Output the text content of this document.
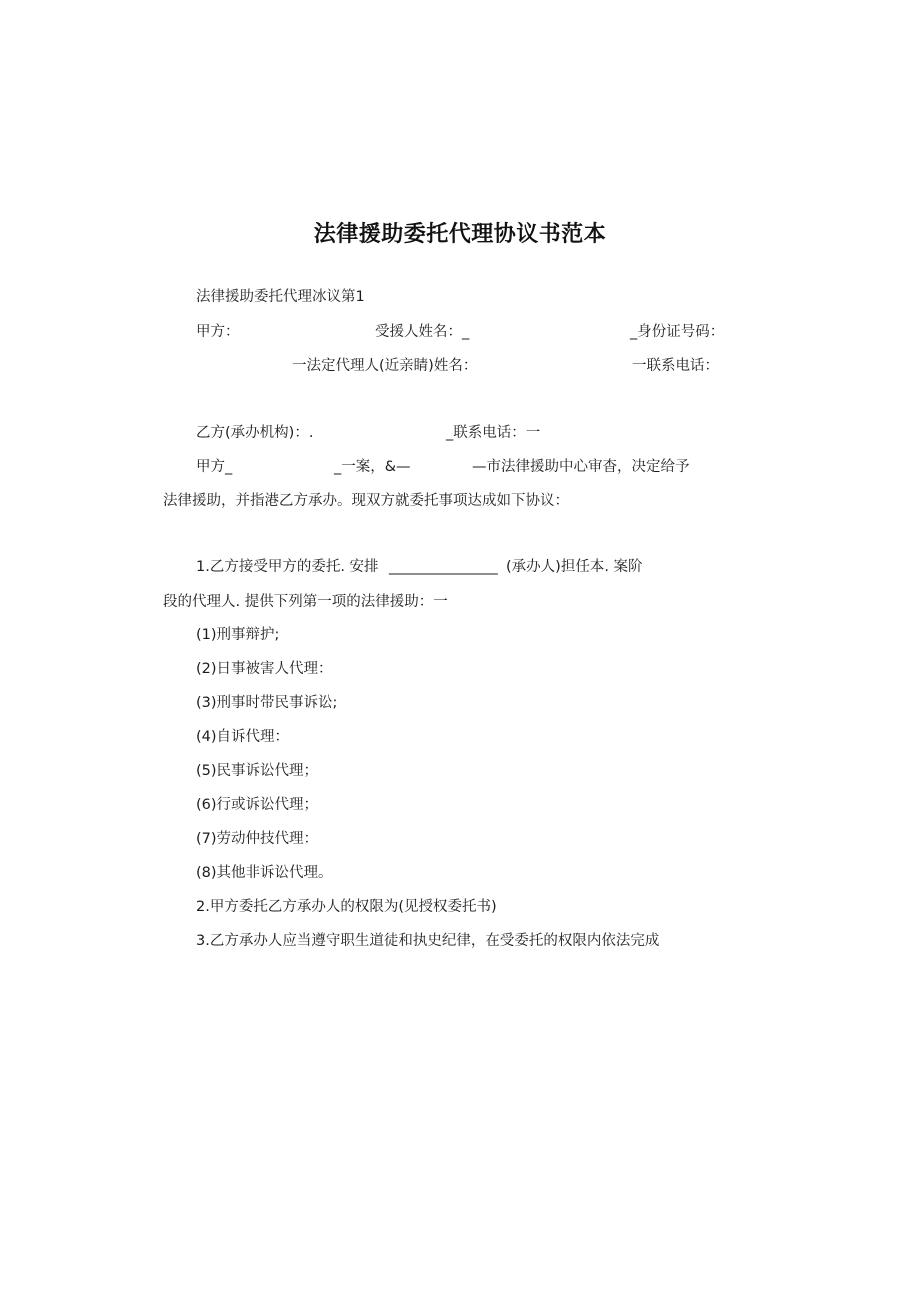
法律援助委托代理协议书范本
法律援助委托代理冰议第1
甲方：	受援人姓名：_	_身份证号码：
一法定代理人(近亲睛)姓名：	一联系电话：
乙方(承办机构)：.	_联系电话：一
甲方_	_一案，&—	—市法律援助中心审杳，决定给予
法律援助，并指港乙方承办。现双方就委托事项达成如下协议：
1.乙方接受甲方的委托. 安排 _______________ (承办人)担任本. 案阶
段的代理人. 提供下列第一项的法律援助：一
(1)刑事辩护;
(2)日事被害人代理：
(3)刑事时带民事诉讼;
(4)自诉代理：
(5)民事诉讼代理；
(6)行或诉讼代理；
(7)劳动仲技代理：
(8)其他非诉讼代理。
2.甲方委托乙方承办人的权限为(见授权委托书)
3.乙方承办人应当遵守职生道徒和执史纪律，在受委托的权限内依法完成
